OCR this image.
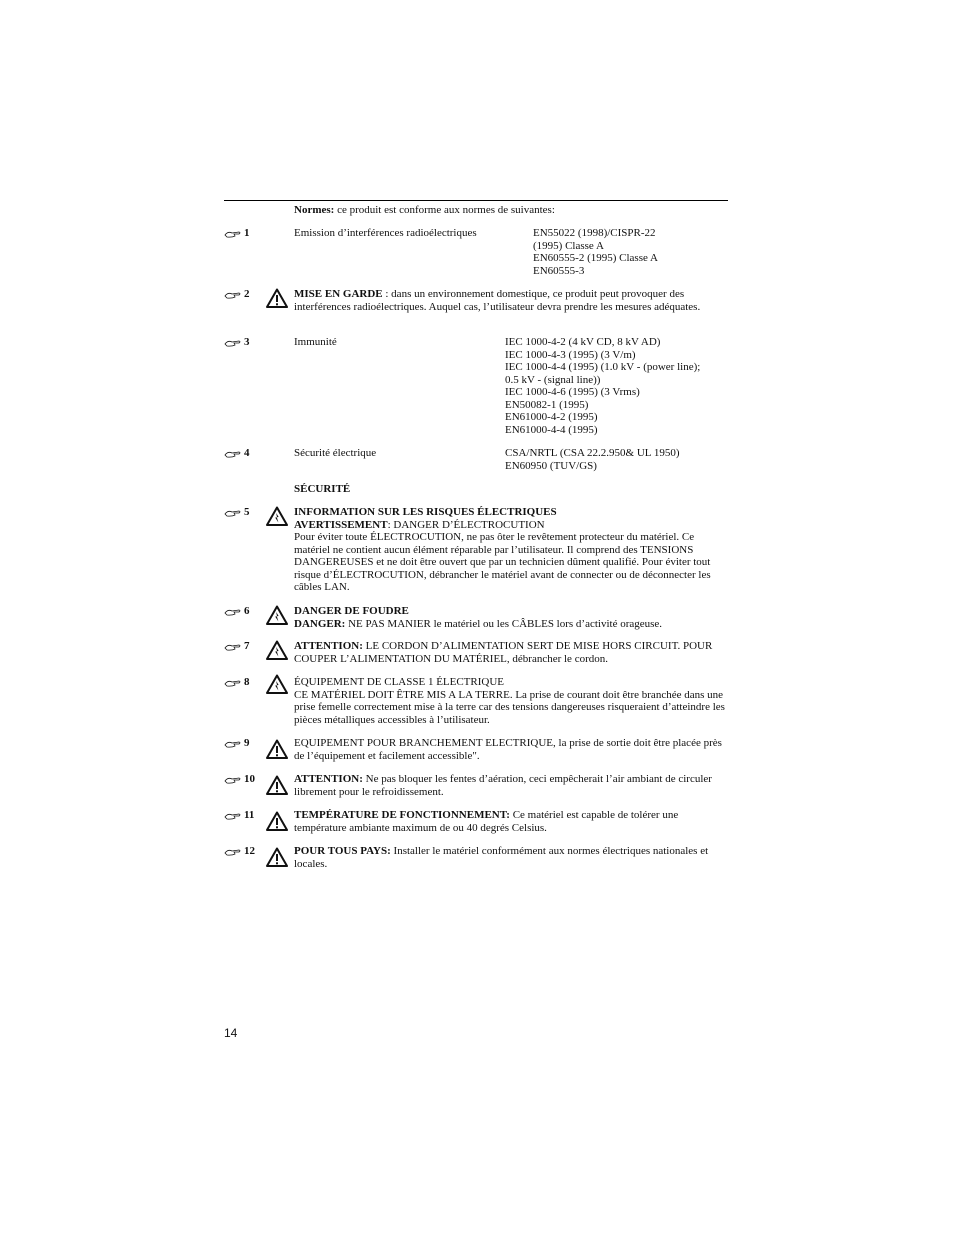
Normes: ce produit est conforme aux normes de suivantes:
1	Emission d’interférences radioélectriques	EN55022 (1998)/CISPR-22
(1995) Classe A
EN60555-2 (1995) Classe A
EN60555-3
2	MISE EN GARDE : dans un environnement domestique, ce produit peut provoquer des interférences radioélectriques. Auquel cas, l’utilisateur devra prendre les mesures adéquates.
3	Immunité	IEC 1000-4-2 (4 kV CD, 8 kV AD)
IEC 1000-4-3 (1995) (3 V/m)
IEC 1000-4-4 (1995) (1.0 kV - (power line);
0.5 kV - (signal line))
IEC 1000-4-6 (1995) (3 Vrms)
EN50082-1 (1995)
EN61000-4-2 (1995)
EN61000-4-4 (1995)
4	Sécurité électrique	CSA/NRTL (CSA 22.2.950& UL 1950)
EN60950 (TUV/GS)
SÉCURITÉ
5	INFORMATION SUR LES RISQUES ÉLECTRIQUES
AVERTISSEMENT: DANGER D’ÉLECTROCUTION
Pour éviter toute ÉLECTROCUTION, ne pas ôter le revêtement protecteur du matériel. Ce matériel ne contient aucun élément réparable par l’utilisateur. Il comprend des TENSIONS DANGEREUSES et ne doit être ouvert que par un technicien dûment qualifié. Pour éviter tout risque d’ÉLECTROCUTION, débrancher le matériel avant de connecter ou de déconnecter les câbles LAN.
6	DANGER DE FOUDRE
DANGER: NE PAS MANIER le matériel ou les CÂBLES lors d’activité orageuse.
7	ATTENTION: LE CORDON D’ALIMENTATION SERT DE MISE HORS CIRCUIT. POUR COUPER L’ALIMENTATION DU MATÉRIEL, débrancher le cordon.
8	ÉQUIPEMENT DE CLASSE 1 ÉLECTRIQUE
CE MATÉRIEL DOIT ÊTRE MIS A LA TERRE. La prise de courant doit être branchée dans une prise femelle correctement mise à la terre car des tensions dangereuses risqueraient d’atteindre les pièces métalliques accessibles à l’utilisateur.
9	EQUIPEMENT POUR BRANCHEMENT ELECTRIQUE, la prise de sortie doit être placée près de l’équipement et facilement accessible".
10	ATTENTION: Ne pas bloquer les fentes d’aération, ceci empêcherait l’air ambiant de circuler librement pour le refroidissement.
11	TEMPÉRATURE DE FONCTIONNEMENT: Ce matériel est capable de tolérer une température ambiante maximum de ou 40 degrés Celsius.
12	POUR TOUS PAYS: Installer le matériel conformément aux normes électriques nationales et locales.
14
